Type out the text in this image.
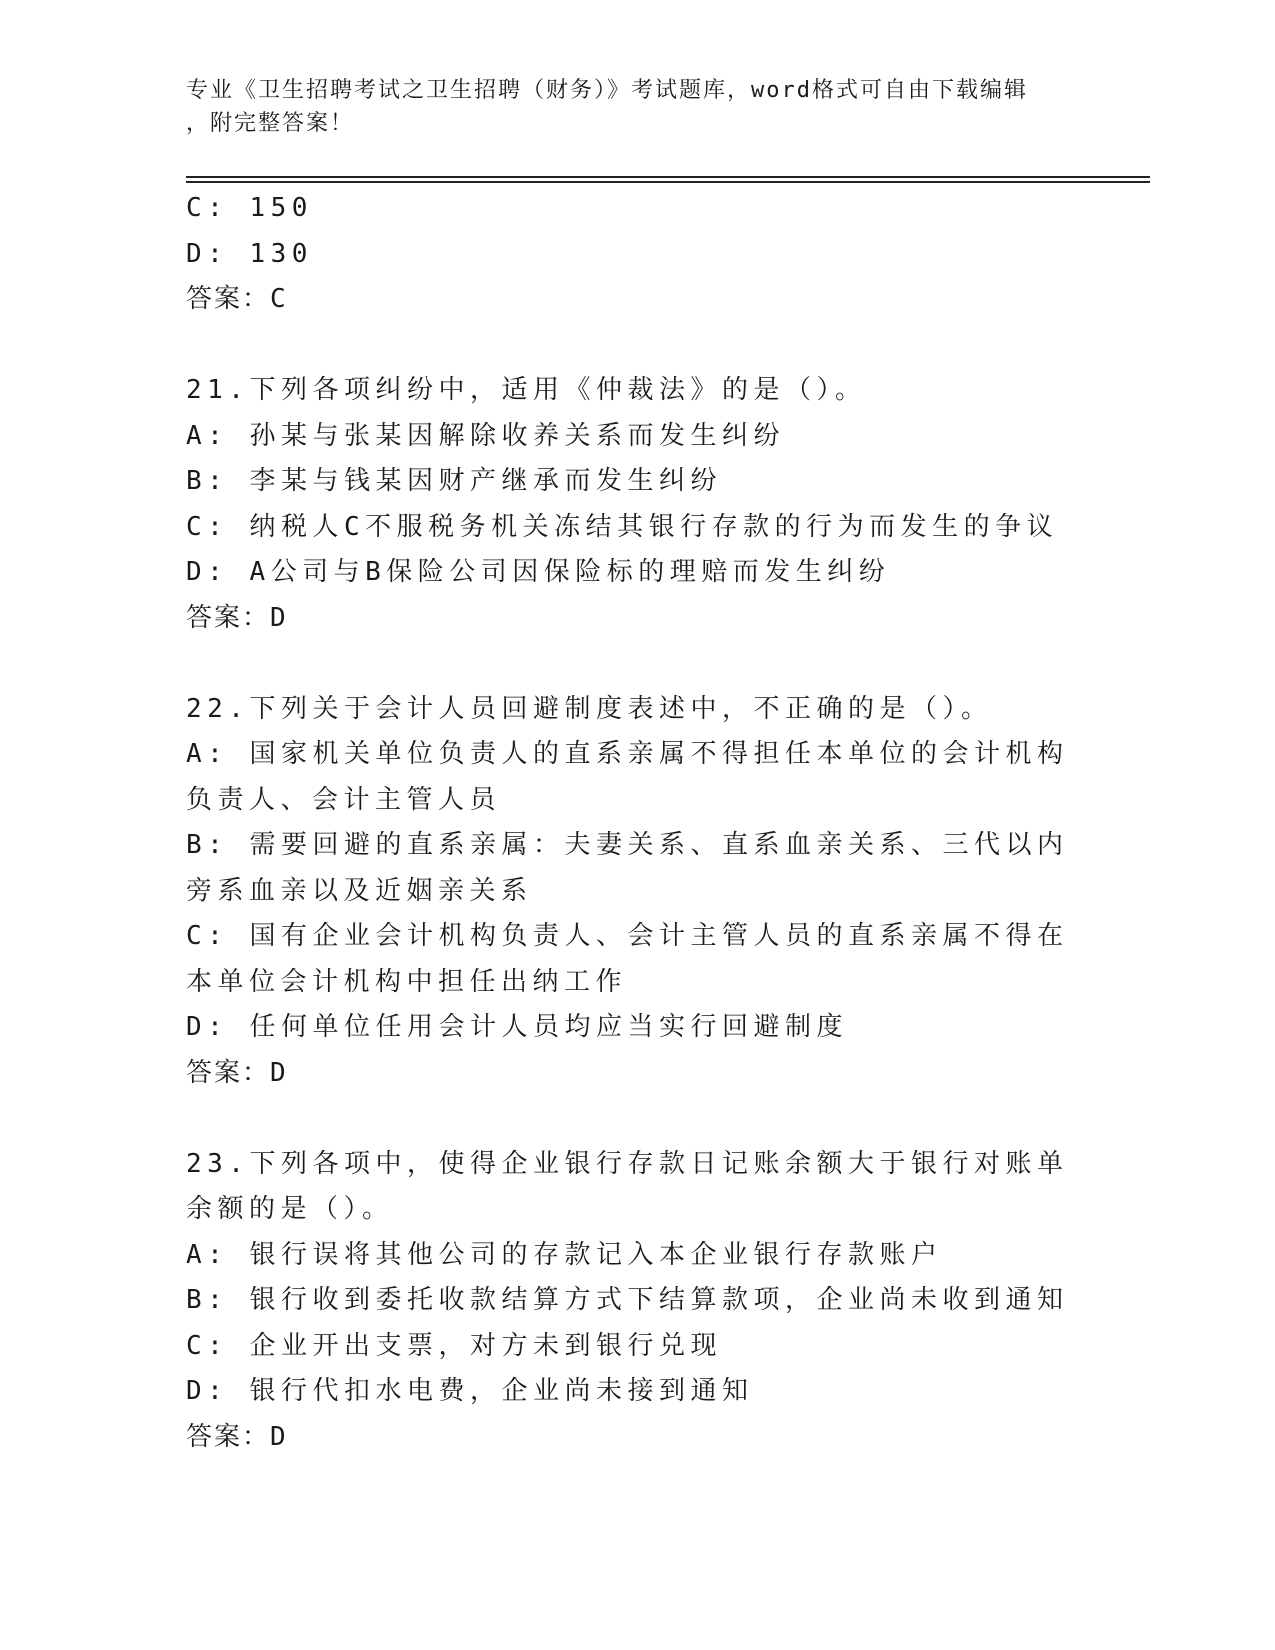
专业《卫生招聘考试之卫生招聘（财务）》考试题库，word格式可自由下载编辑
，附完整答案！
C: 150
D: 130
答案：C
21.下列各项纠纷中，适用《仲裁法》的是（）。
A: 孙某与张某因解除收养关系而发生纠纷
B: 李某与钱某因财产继承而发生纠纷
C: 纳税人C不服税务机关冻结其银行存款的行为而发生的争议
D: A公司与B保险公司因保险标的理赔而发生纠纷
答案：D
22.下列关于会计人员回避制度表述中，不正确的是（）。
A: 国家机关单位负责人的直系亲属不得担任本单位的会计机构负责人、会计主管人员
B: 需要回避的直系亲属：夫妻关系、直系血亲关系、三代以内旁系血亲以及近姻亲关系
C: 国有企业会计机构负责人、会计主管人员的直系亲属不得在本单位会计机构中担任出纳工作
D: 任何单位任用会计人员均应当实行回避制度
答案：D
23.下列各项中，使得企业银行存款日记账余额大于银行对账单余额的是（）。
A: 银行误将其他公司的存款记入本企业银行存款账户
B: 银行收到委托收款结算方式下结算款项，企业尚未收到通知
C: 企业开出支票，对方未到银行兑现
D: 银行代扣水电费，企业尚未接到通知
答案：D
